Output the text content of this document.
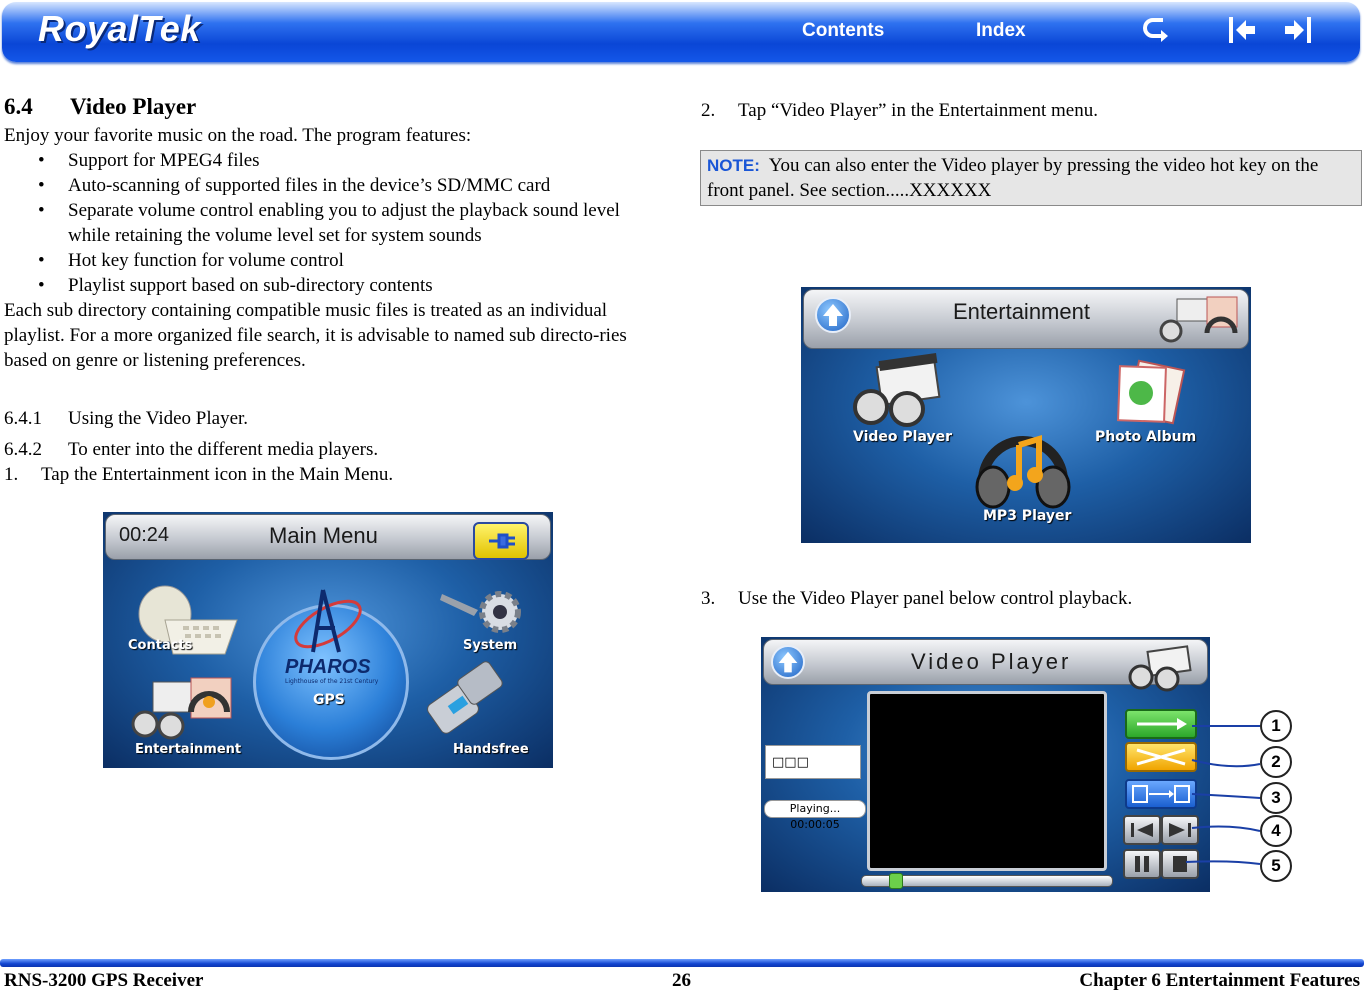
RoyalTek	Contents	Index
6.4 Video Player
Enjoy your favorite music on the road. The program features:
• Support for MPEG4 files
• Auto-scanning of supported files in the device’s SD/MMC card
• Separate volume control enabling you to adjust the playback sound level while retaining the volume level set for system sounds
• Hot key function for volume control
• Playlist support based on sub-directory contents
Each sub directory containing compatible music files is treated as an individual playlist. For a more organized file search, it is advisable to named sub directo-ries based on genre or listening preferences.
6.4.1 Using the Video Player.
6.4.2 To enter into the different media players.
1. Tap the Entertainment icon in the Main Menu.
00:24	Main Menu
Contacts
PHAROS
Lighthouse of the 21st Century
GPS
System
Entertainment	Handsfree
2. Tap “Video Player” in the Entertainment menu.
NOTE: You can also enter the Video player by pressing the video hot key on the front panel. See section.....XXXXXX
Entertainment
Video Player	Photo Album
MP3 Player
3. Use the Video Player panel below control playback.
Video Player
□□□
Playing... 00:00:05
1
2
3
4
5
RNS-3200 GPS Receiver	26	Chapter 6 Entertainment Features
